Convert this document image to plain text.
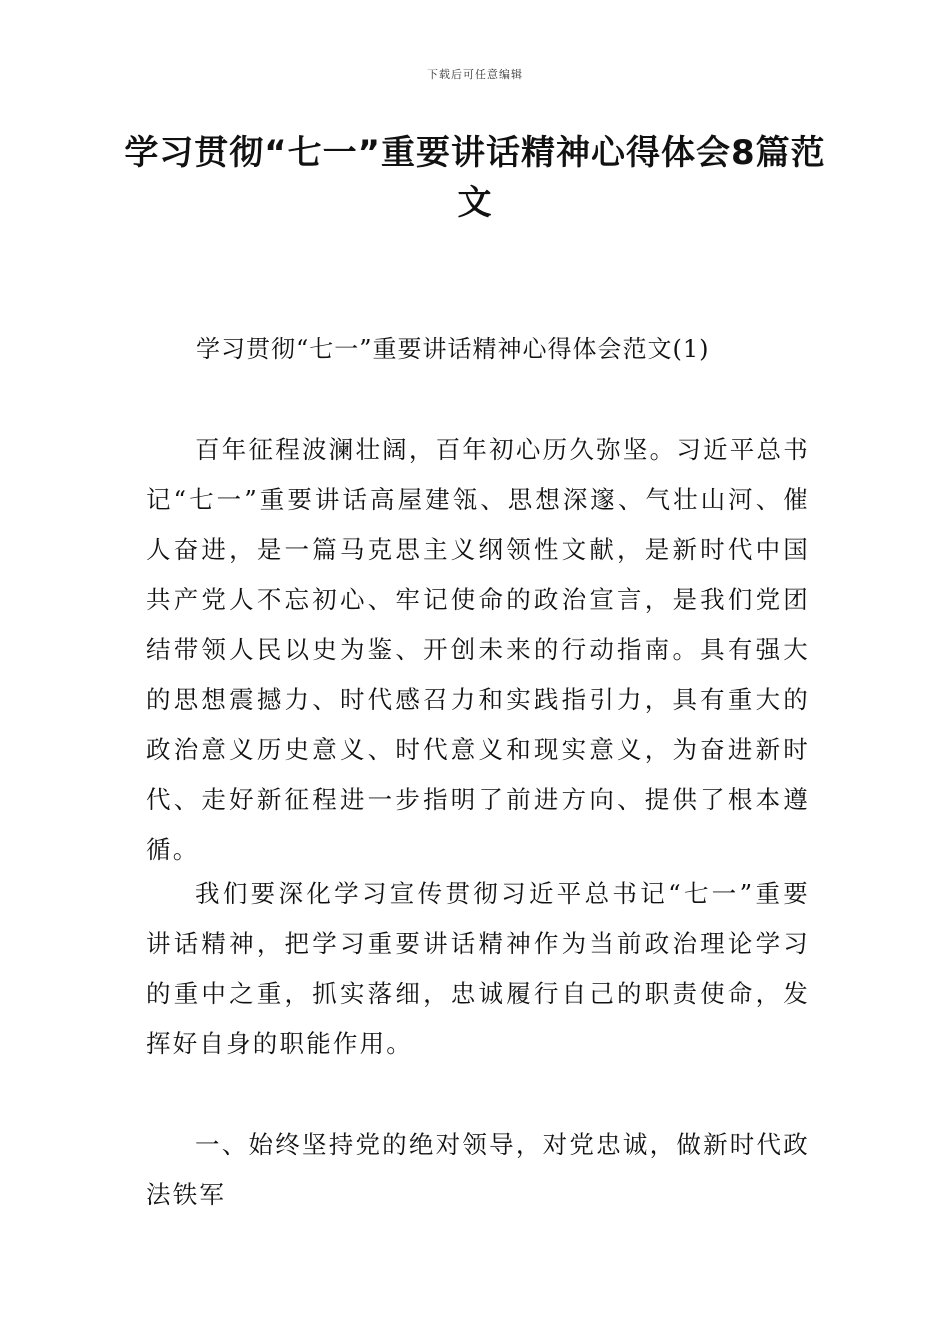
下载后可任意编辑
学习贯彻“七一”重要讲话精神心得体会8篇范文
学习贯彻“七一”重要讲话精神心得体会范文(1)

百年征程波澜壮阔，百年初心历久弥坚。习近平总书记“七一”重要讲话高屋建瓴、思想深邃、气壮山河、催人奋进，是一篇马克思主义纲领性文献，是新时代中国共产党人不忘初心、牢记使命的政治宣言，是我们党团结带领人民以史为鉴、开创未来的行动指南。具有强大的思想震撼力、时代感召力和实践指引力，具有重大的政治意义历史意义、时代意义和现实意义，为奋进新时代、走好新征程进一步指明了前进方向、提供了根本遵循。

我们要深化学习宣传贯彻习近平总书记“七一”重要讲话精神，把学习重要讲话精神作为当前政治理论学习的重中之重，抓实落细，忠诚履行自己的职责使命，发挥好自身的职能作用。

一、始终坚持党的绝对领导，对党忠诚，做新时代政法铁军
